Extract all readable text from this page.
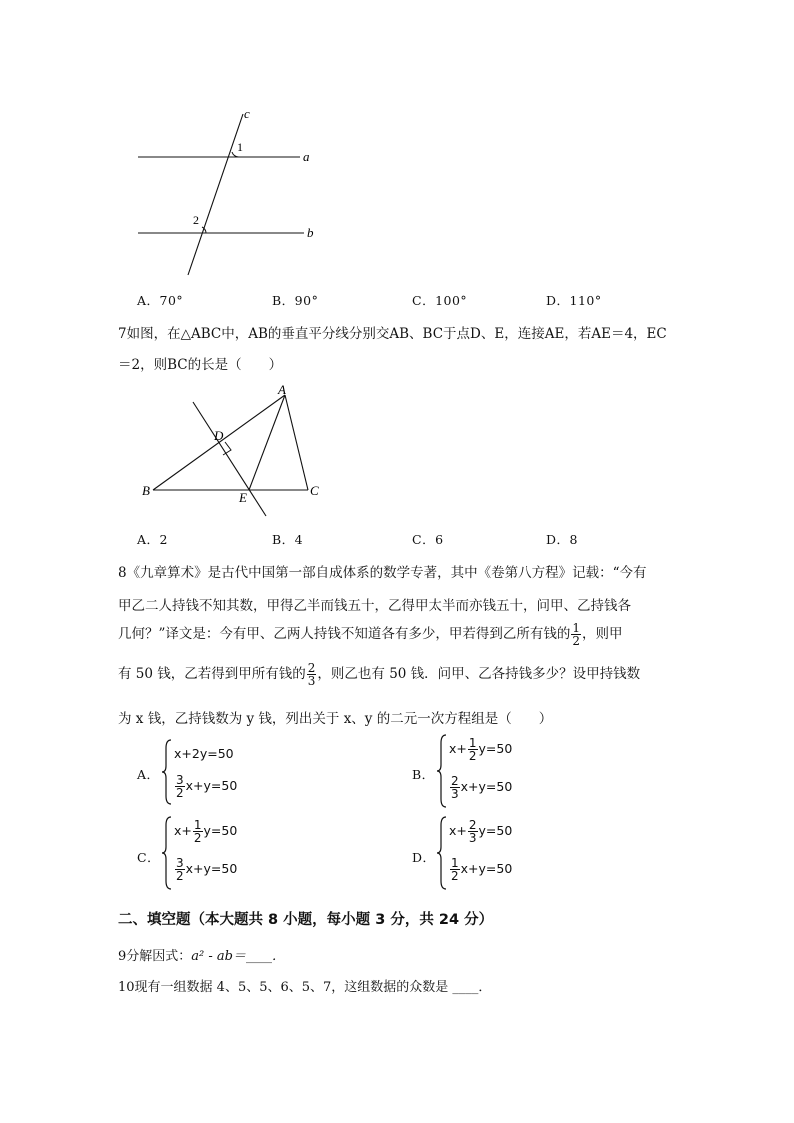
c
1
a
2
b
A．70°	B．90°	C．100°	D．110°
7如图，在△ABC中，AB的垂直平分线分别交AB、BC于点D、E，连接AE，若AE＝4，EC
＝2，则BC的长是（　　）
A
D
B	E	C
A．2	B．4	C．6	D．8
8《九章算术》是古代中国第一部自成体系的数学专著，其中《卷第八方程》记载：“今有
甲乙二人持钱不知其数，甲得乙半而钱五十，乙得甲太半而亦钱五十，问甲、乙持钱各
几何？”译文是：今有甲、乙两人持钱不知道各有多少，甲若得到乙所有钱的 $\frac{1}{2}$ ，则甲
有 50 钱，乙若得到甲所有钱的 $\frac{2}{3}$ ，则乙也有 50 钱．问甲、乙各持钱多少？设甲持钱数
为 x 钱，乙持钱数为 y 钱，列出关于 x、y 的二元一次方程组是（　　）
A．
x+2y=50
$\frac{3}{2} x+y=50$
B．
$x+ \frac{1}{2} y=50$
$\frac{2}{3} x+y=50$
C．
$x+ \frac{1}{2} y=50$
$\frac{3}{2} x+y=50$
D．
$x+ \frac{2}{3} y=50$
$\frac{1}{2} x+y=50$
二、填空题（本大题共 8 小题，每小题 3 分，共 24 分）
9分解因式：a² - ab＝____．
10现有一组数据 4、5、5、6、5、7，这组数据的众数是 ____．
